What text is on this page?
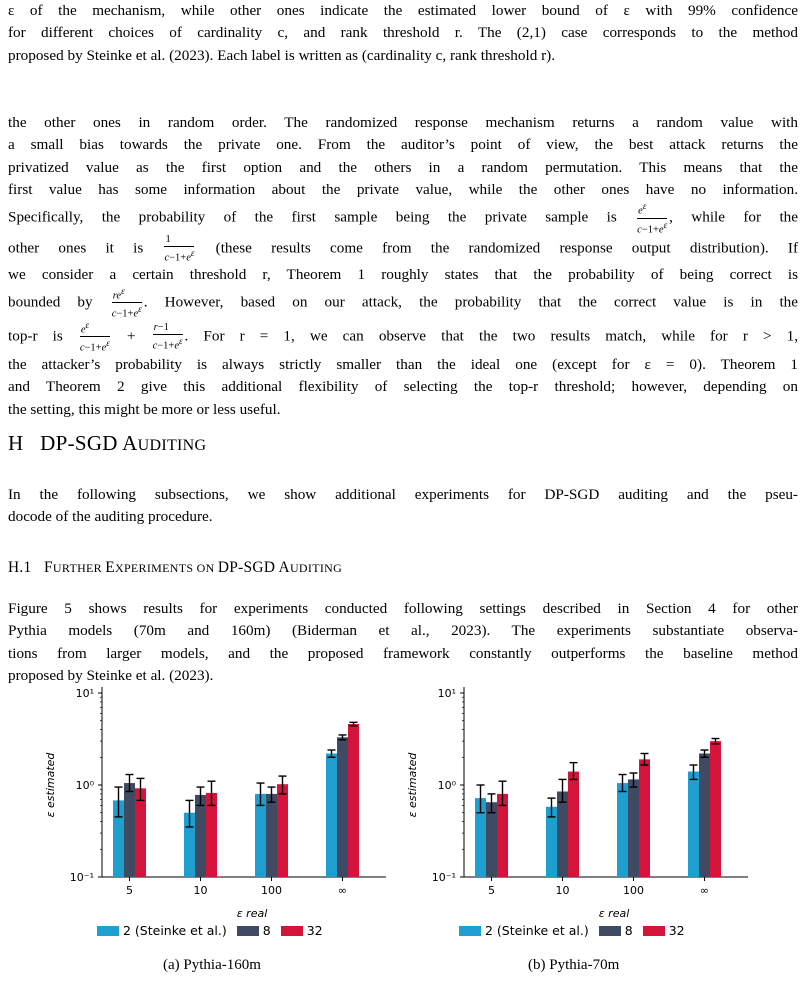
ε of the mechanism, while other ones indicate the estimated lower bound of ε with 99% confidence
for different choices of cardinality c, and rank threshold r. The (2,1) case corresponds to the method
proposed by Steinke et al. (2023). Each label is written as (cardinality c, rank threshold r).
the other ones in random order. The randomized response mechanism returns a random value with
a small bias towards the private one. From the auditor’s point of view, the best attack returns the
privatized value as the first option and the others in a random permutation. This means that the
first value has some information about the private value, while the other ones have no information.
Specifically, the probability of the first sample being the private sample is $\frac{e^\varepsilon}{c-1+e^\varepsilon}$ , while for the
other ones it is $\frac{1}{c-1+e^\varepsilon}$ (these results come from the randomized response output distribution). If
we consider a certain threshold r, Theorem 1 roughly states that the probability of being correct is
bounded by $\frac{re^\varepsilon}{c-1+e^\varepsilon}$ . However, based on our attack, the probability that the correct value is in the
top-r is $\frac{e^\varepsilon}{c-1+e^\varepsilon} + \frac{r-1}{c-1+e^\varepsilon}$ . For r = 1, we can observe that the two results match, while for r > 1,
the attacker’s probability is always strictly smaller than the ideal one (except for ε = 0). Theorem 1
and Theorem 2 give this additional flexibility of selecting the top-r threshold; however, depending on
the setting, this might be more or less useful.
H DP-SGD AUDITING
In the following subsections, we show additional experiments for DP-SGD auditing and the pseu-
docode of the auditing procedure.
H.1 FURTHER EXPERIMENTS ON DP-SGD AUDITING
Figure 5 shows results for experiments conducted following settings described in Section 4 for other
Pythia models (70m and 160m) (Biderman et al., 2023). The experiments substantiate observa-
tions from larger models, and the proposed framework constantly outperforms the baseline method
proposed by Steinke et al. (2023).
10⁻¹
10⁰
10¹
ε estimated
ε real
5	10	100	∞
10⁻¹
10⁰
10¹
ε estimated
ε real
5	10	100	∞
2 (Steinke et al.)	8	32	2 (Steinke et al.)	8	32
(a) Pythia-160m	(b) Pythia-70m
